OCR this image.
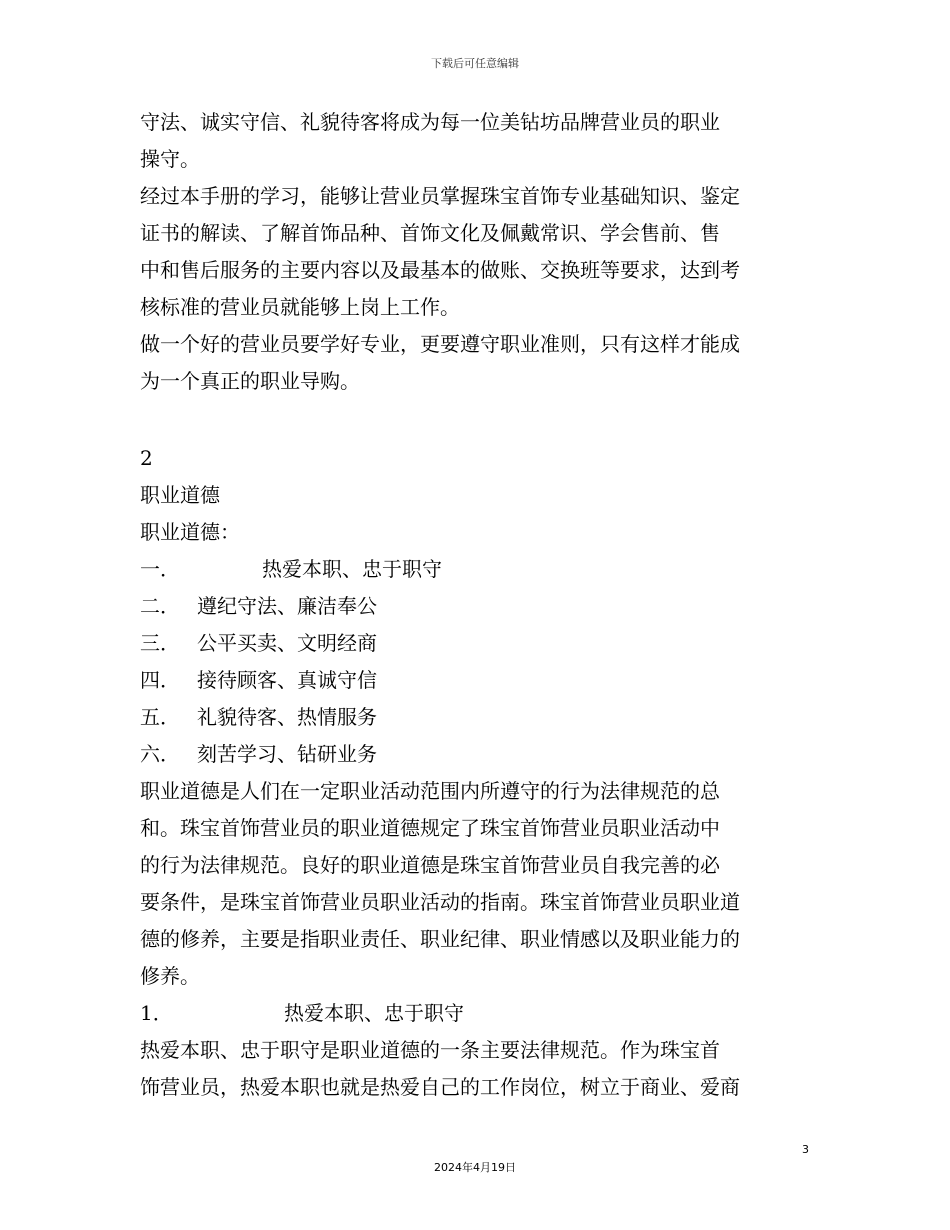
下载后可任意编辑
守法、诚实守信、礼貌待客将成为每一位美钻坊品牌营业员的职业
操守。
经过本手册的学习，能够让营业员掌握珠宝首饰专业基础知识、鉴定
证书的解读、了解首饰品种、首饰文化及佩戴常识、学会售前、售
中和售后服务的主要内容以及最基本的做账、交换班等要求，达到考
核标准的营业员就能够上岗上工作。
做一个好的营业员要学好专业，更要遵守职业准则，只有这样才能成
为一个真正的职业导购。
2
职业道德
职业道德：
一．	热爱本职、忠于职守
二． 遵纪守法、廉洁奉公
三． 公平买卖、文明经商
四． 接待顾客、真诚守信
五． 礼貌待客、热情服务
六． 刻苦学习、钻研业务
职业道德是人们在一定职业活动范围内所遵守的行为法律规范的总
和。珠宝首饰营业员的职业道德规定了珠宝首饰营业员职业活动中
的行为法律规范。良好的职业道德是珠宝首饰营业员自我完善的必
要条件，是珠宝首饰营业员职业活动的指南。珠宝首饰营业员职业道
德的修养，主要是指职业责任、职业纪律、职业情感以及职业能力的
修养。
1．	热爱本职、忠于职守
热爱本职、忠于职守是职业道德的一条主要法律规范。作为珠宝首
饰营业员，热爱本职也就是热爱自己的工作岗位，树立于商业、爱商
3
2024年4月19日
